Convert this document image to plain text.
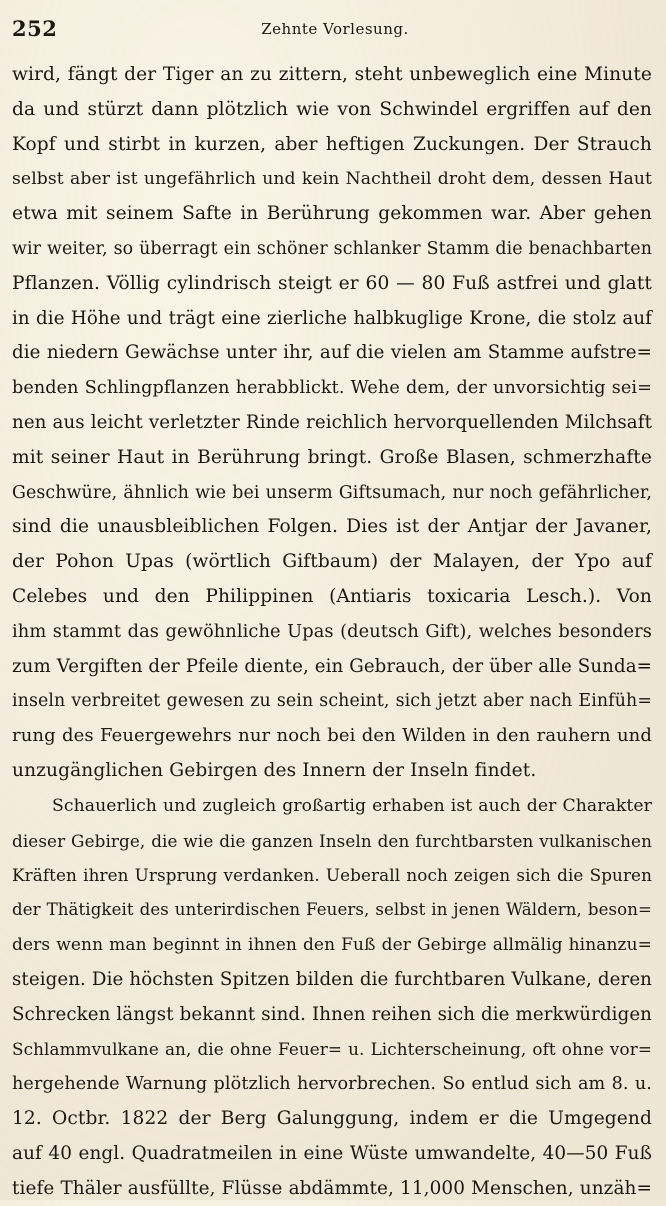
252	Zehnte Vorlesung.
wird, fängt der Tiger an zu zittern, steht unbeweglich eine Minute
da und stürzt dann plötzlich wie von Schwindel ergriffen auf den
Kopf und stirbt in kurzen, aber heftigen Zuckungen. Der Strauch
selbst aber ist ungefährlich und kein Nachtheil droht dem, dessen Haut
etwa mit seinem Safte in Berührung gekommen war. Aber gehen
wir weiter, so überragt ein schöner schlanker Stamm die benachbarten
Pflanzen. Völlig cylindrisch steigt er 60 — 80 Fuß astfrei und glatt
in die Höhe und trägt eine zierliche halbkuglige Krone, die stolz auf
die niedern Gewächse unter ihr, auf die vielen am Stamme aufstre=
benden Schlingpflanzen herabblickt. Wehe dem, der unvorsichtig sei=
nen aus leicht verletzter Rinde reichlich hervorquellenden Milchsaft
mit seiner Haut in Berührung bringt. Große Blasen, schmerzhafte
Geschwüre, ähnlich wie bei unserm Giftsumach, nur noch gefährlicher,
sind die unausbleiblichen Folgen. Dies ist der Antjar der Javaner,
der Pohon Upas (wörtlich Giftbaum) der Malayen, der Ypo auf
Celebes und den Philippinen (Antiaris toxicaria Lesch.). Von
ihm stammt das gewöhnliche Upas (deutsch Gift), welches besonders
zum Vergiften der Pfeile diente, ein Gebrauch, der über alle Sunda=
inseln verbreitet gewesen zu sein scheint, sich jetzt aber nach Einfüh=
rung des Feuergewehrs nur noch bei den Wilden in den rauhern und
unzugänglichen Gebirgen des Innern der Inseln findet.
Schauerlich und zugleich großartig erhaben ist auch der Charakter
dieser Gebirge, die wie die ganzen Inseln den furchtbarsten vulkanischen
Kräften ihren Ursprung verdanken. Ueberall noch zeigen sich die Spuren
der Thätigkeit des unterirdischen Feuers, selbst in jenen Wäldern, beson=
ders wenn man beginnt in ihnen den Fuß der Gebirge allmälig hinanzu=
steigen. Die höchsten Spitzen bilden die furchtbaren Vulkane, deren
Schrecken längst bekannt sind. Ihnen reihen sich die merkwürdigen
Schlammvulkane an, die ohne Feuer= u. Lichterscheinung, oft ohne vor=
hergehende Warnung plötzlich hervorbrechen. So entlud sich am 8. u.
12. Octbr. 1822 der Berg Galunggung, indem er die Umgegend
auf 40 engl. Quadratmeilen in eine Wüste umwandelte, 40—50 Fuß
tiefe Thäler ausfüllte, Flüsse abdämmte, 11,000 Menschen, unzäh=
